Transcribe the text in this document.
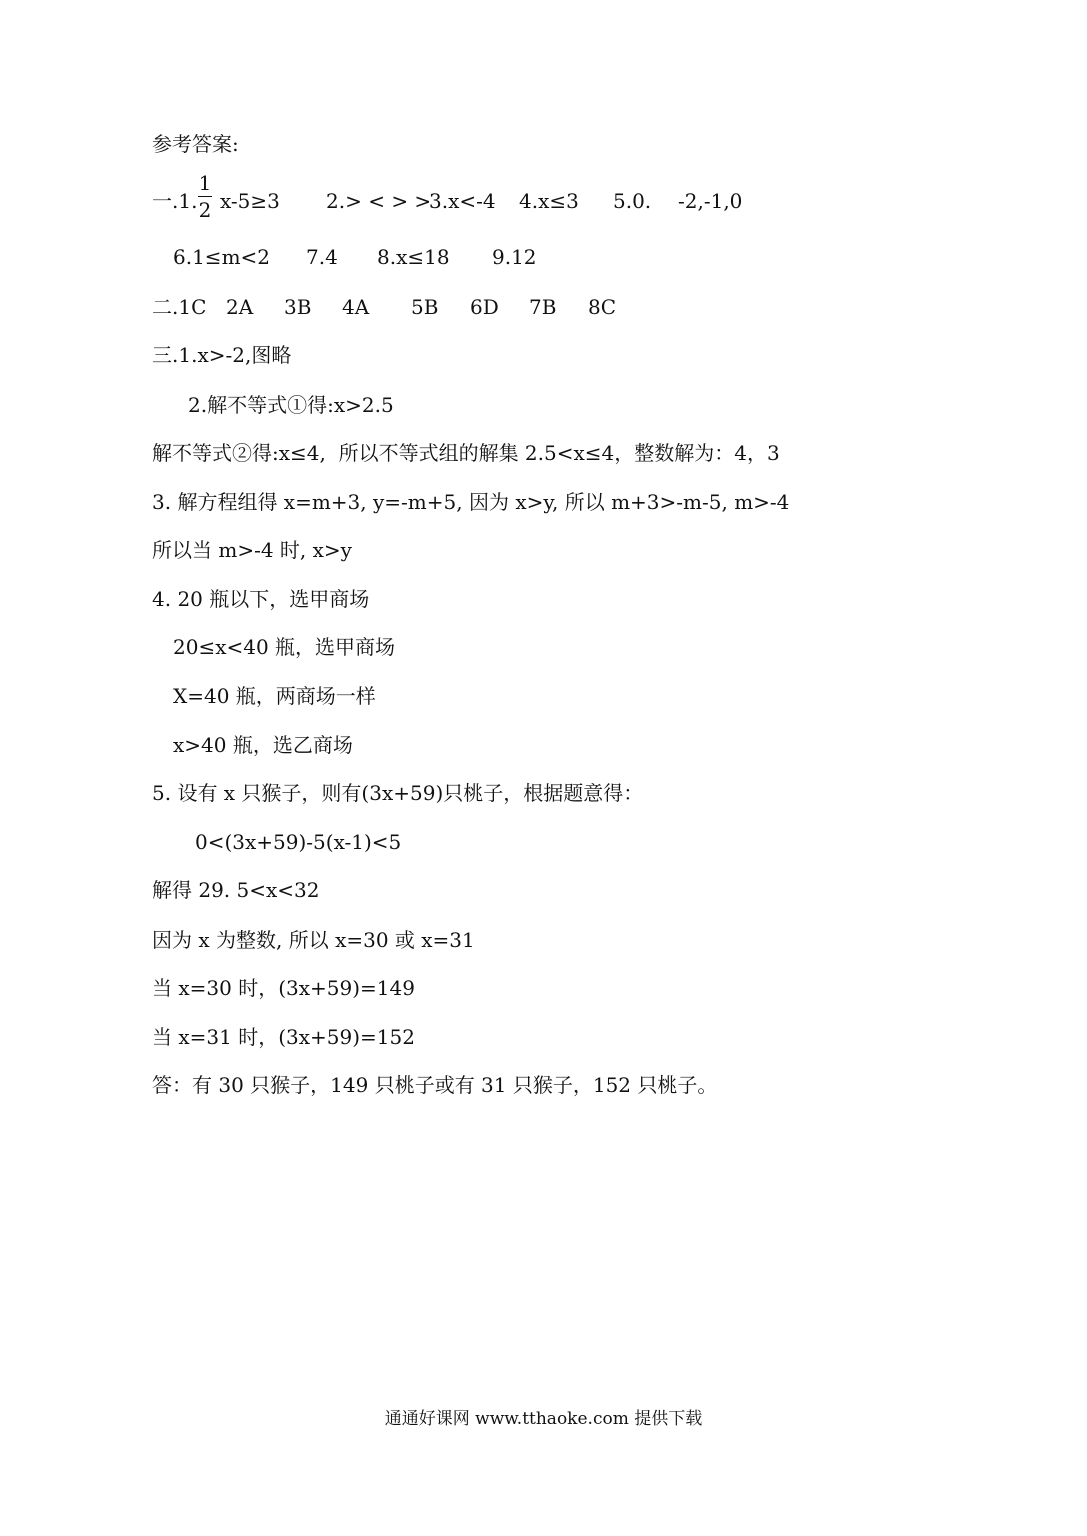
参考答案:
一.1.
1
2 x-5≥3 2.> < > >
3.x<-4 4.x≤3 5.0. -2,-1,0
6.1≤m<2 7.4 8.x≤18 9.12
二.1C 2A 3B 4A 5B 6D 7B 8C
三.1.x>-2,图略
2.解不等式①得:x>2.5
解不等式②得:x≤4,  所以不等式组的解集 2.5<x≤4，整数解为：4，3
3. 解方程组得 x=m+3, y=-m+5, 因为 x>y, 所以 m+3>-m-5, m>-4
所以当 m>-4 时, x>y
4. 20 瓶以下，选甲商场
20≤x<40 瓶，选甲商场
X=40 瓶，两商场一样
x>40 瓶，选乙商场
5. 设有 x 只猴子，则有(3x+59)只桃子，根据题意得：
0<(3x+59)-5(x-1)<5
解得 29. 5<x<32
因为 x 为整数, 所以 x=30 或 x=31
当 x=30 时，(3x+59)=149
当 x=31 时，(3x+59)=152
答：有 30 只猴子，149 只桃子或有 31 只猴子，152 只桃子。
通通好课网 www.tthaoke.com 提供下载
